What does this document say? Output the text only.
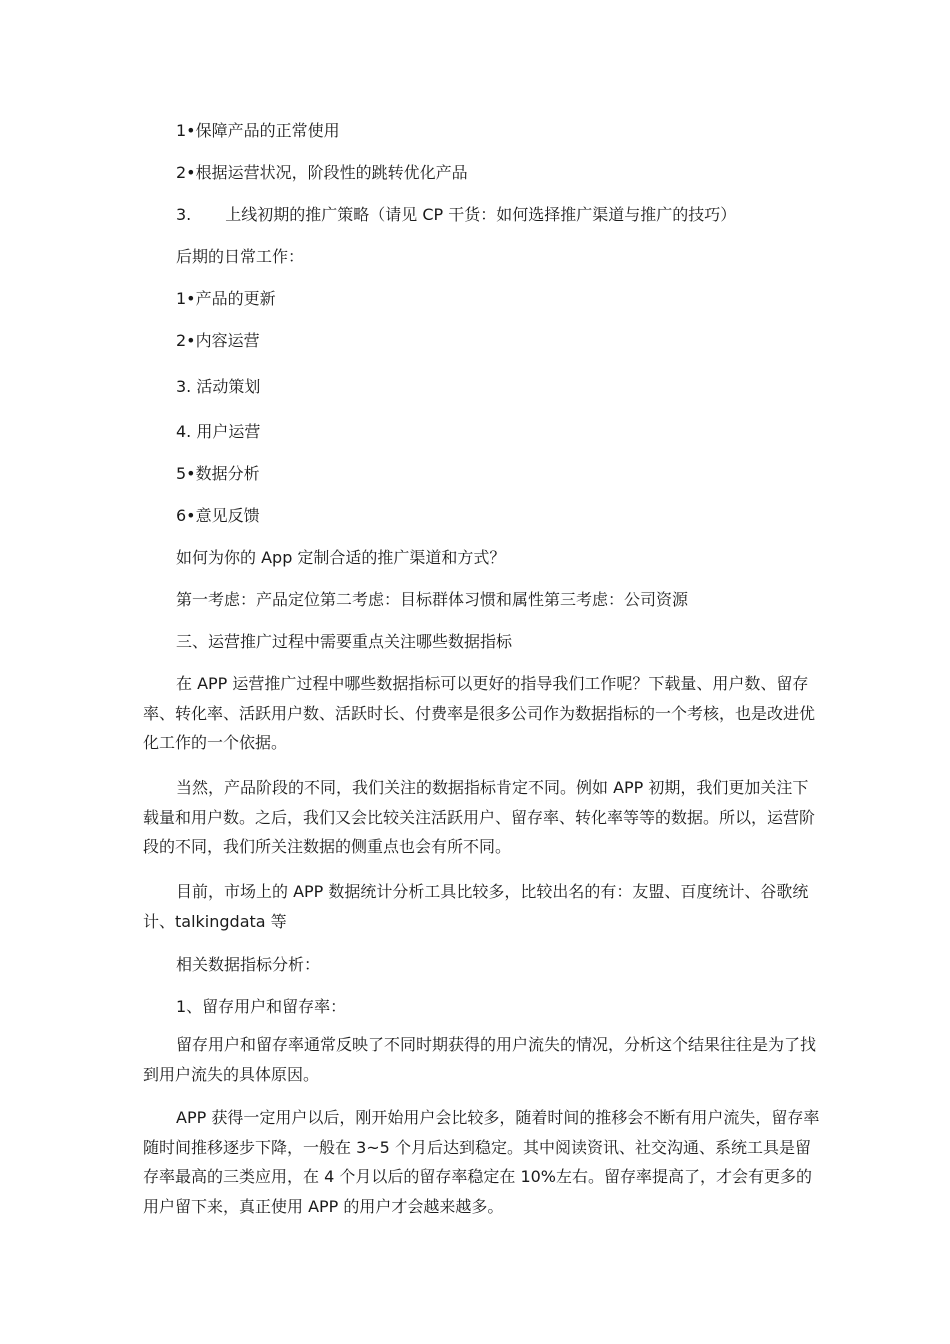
1•保障产品的正常使用

2•根据运营状况，阶段性的跳转优化产品

3. 上线初期的推广策略（请见 CP 干货：如何选择推广渠道与推广的技巧）

后期的日常工作：

1•产品的更新

2•内容运营

3. 活动策划

4. 用户运营

5•数据分析

6•意见反馈

如何为你的 App 定制合适的推广渠道和方式？

第一考虑：产品定位第二考虑：目标群体习惯和属性第三考虑：公司资源

三、运营推广过程中需要重点关注哪些数据指标

在 APP 运营推广过程中哪些数据指标可以更好的指导我们工作呢？下载量、用户数、留存率、转化率、活跃用户数、活跃时长、付费率是很多公司作为数据指标的一个考核，也是改进优化工作的一个依据。

当然，产品阶段的不同，我们关注的数据指标肯定不同。例如 APP 初期，我们更加关注下载量和用户数。之后，我们又会比较关注活跃用户、留存率、转化率等等的数据。所以，运营阶段的不同，我们所关注数据的侧重点也会有所不同。

目前，市场上的 APP 数据统计分析工具比较多，比较出名的有：友盟、百度统计、谷歌统计、talkingdata 等

相关数据指标分析：

1、留存用户和留存率：

留存用户和留存率通常反映了不同时期获得的用户流失的情况，分析这个结果往往是为了找到用户流失的具体原因。

APP 获得一定用户以后，刚开始用户会比较多，随着时间的推移会不断有用户流失，留存率随时间推移逐步下降，一般在 3~5 个月后达到稳定。其中阅读资讯、社交沟通、系统工具是留存率最高的三类应用，在 4 个月以后的留存率稳定在 10%左右。留存率提高了，才会有更多的用户留下来，真正使用 APP 的用户才会越来越多。
